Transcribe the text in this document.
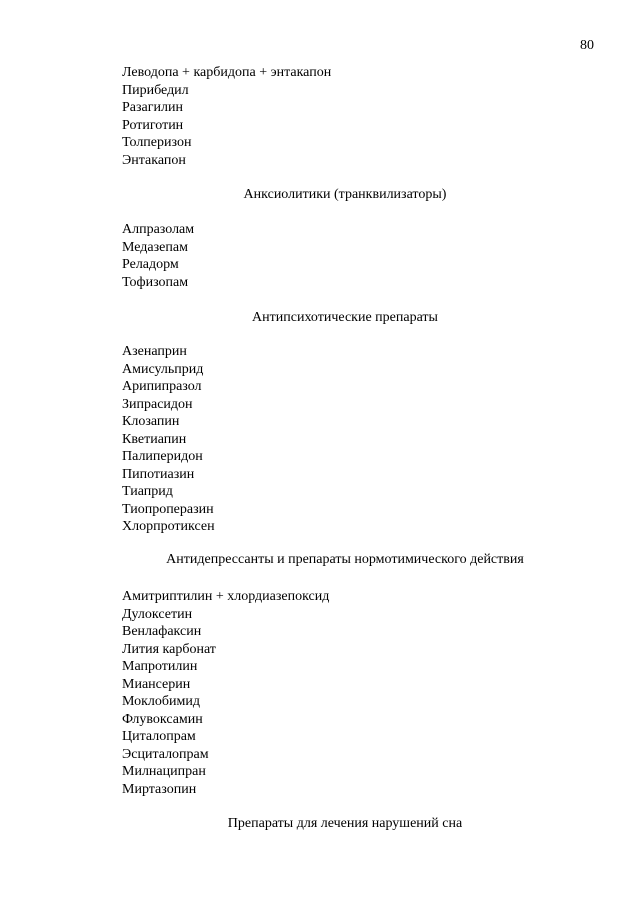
80
Леводопа + карбидопа + энтакапон
Пирибедил
Разагилин
Ротиготин
Толперизон
Энтакапон
Анксиолитики (транквилизаторы)
Алпразолам
Медазепам
Реладорм
Тофизопам
Антипсихотические препараты
Азенаприн
Амисульприд
Арипипразол
Зипрасидон
Клозапин
Кветиапин
Палиперидон
Пипотиазин
Тиаприд
Тиопроперазин
Хлорпротиксен
Антидепрессанты и препараты нормотимического действия
Амитриптилин + хлордиазепоксид
Дулоксетин
Венлафаксин
Лития карбонат
Мапротилин
Миансерин
Моклобимид
Флувоксамин
Циталопрам
Эсциталопрам
Милнаципран
Миртазопин
Препараты для лечения нарушений сна
